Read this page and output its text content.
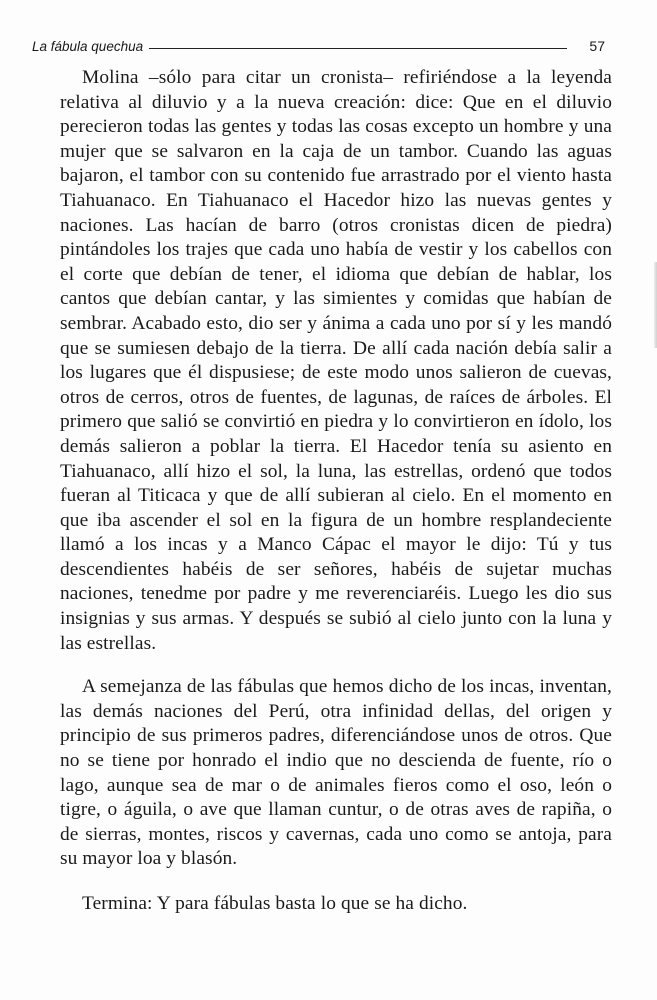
La fábula quechua	57

Molina –sólo para citar un cronista– refiriéndose a la leyenda relativa al diluvio y a la nueva creación: dice: Que en el diluvio perecieron todas las gentes y todas las cosas excepto un hombre y una mujer que se salvaron en la caja de un tambor. Cuando las aguas bajaron, el tambor con su contenido fue arrastrado por el viento hasta Tiahuanaco. En Tiahuanaco el Hacedor hizo las nuevas gentes y naciones. Las hacían de barro (otros cronistas dicen de piedra) pintándoles los trajes que cada uno había de vestir y los cabellos con el corte que debían de tener, el idioma que debían de hablar, los cantos que debían cantar, y las simientes y comidas que habían de sembrar. Acabado esto, dio ser y ánima a cada uno por sí y les mandó que se sumiesen debajo de la tierra. De allí cada nación debía salir a los lugares que él dispusiese; de este modo unos salieron de cuevas, otros de cerros, otros de fuentes, de lagunas, de raíces de árboles. El primero que salió se convirtió en piedra y lo convirtieron en ídolo, los demás salieron a poblar la tierra. El Hacedor tenía su asiento en Tiahuanaco, allí hizo el sol, la luna, las estrellas, ordenó que todos fueran al Titicaca y que de allí subieran al cielo. En el momento en que iba ascender el sol en la figura de un hombre resplandeciente llamó a los incas y a Manco Cápac el mayor le dijo: Tú y tus descendientes habéis de ser señores, habéis de sujetar muchas naciones, tenedme por padre y me reverenciaréis. Luego les dio sus insignias y sus armas. Y después se subió al cielo junto con la luna y las estrellas.

A semejanza de las fábulas que hemos dicho de los incas, inventan, las demás naciones del Perú, otra infinidad dellas, del origen y principio de sus primeros padres, diferenciándose unos de otros. Que no se tiene por honrado el indio que no descienda de fuente, río o lago, aunque sea de mar o de animales fieros como el oso, león o tigre, o águila, o ave que llaman cuntur, o de otras aves de rapiña, o de sierras, montes, riscos y cavernas, cada uno como se antoja, para su mayor loa y blasón.

Termina: Y para fábulas basta lo que se ha dicho.
